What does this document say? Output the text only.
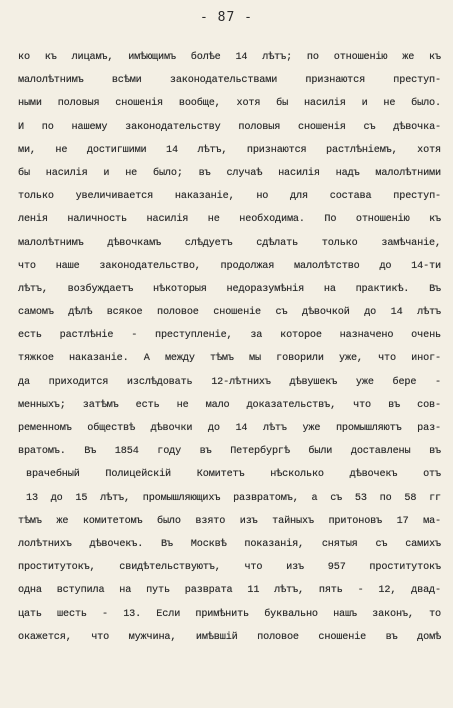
- 87 -
ко къ лицамъ, имѣющимъ болѣе 14 лѣтъ; по отношенію же къ
малолѣтнимъ всѣми законодательствами признаются преступ-
ными половыя сношенія вообще, хотя бы насилія и не было.
И по нашему законодательству половыя сношенія съ дѣвочка-
ми, не достигшими 14 лѣтъ, признаются растлѣніемъ, хотя
бы насилія и не было; въ случаѣ насилія надъ малолѣтними
только увеличивается наказаніе, но для состава преступ-
ленія наличность насилія не необходима. По отношенію къ
малолѣтнимъ дѣвочкамъ слѣдуетъ сдѣлать только замѣчаніе,
что наше законодательство, продолжая малолѣтство до 14-ти
лѣтъ, возбуждаетъ нѣкоторыя недоразумѣнія на практикѣ. Въ
самомъ дѣлѣ всякое половое сношеніе съ дѣвочкой до 14 лѣтъ
есть растлѣніе - преступленіе, за которое назначено очень
тяжкое наказаніе. А между тѣмъ мы говорили уже, что иног-
да приходится изслѣдовать 12-лѣтнихъ дѣвушекъ уже бере -
менныхъ; затѣмъ есть не мало доказательствъ, что въ сов-
ременномъ обществѣ дѣвочки до 14 лѣтъ уже промышляютъ раз-
вратомъ. Въ 1854 году въ Петербургѣ были доставлены въ
врачебный Полицейскій Комитетъ нѣсколько дѣвочекъ отъ
13 до 15 лѣтъ, промышляющихъ развратомъ, а съ 53 по 58 гг
тѣмъ же комитетомъ было взято изъ тайныхъ притоновъ 17 ма-
лолѣтнихъ дѣвочекъ. Въ Москвѣ показанія, снятыя съ самихъ
проститутокъ, свидѣтельствуютъ, что изъ 957 проститутокъ
одна вступила на путь разврата 11 лѣтъ, пять - 12, двад-
цать шесть - 13. Если примѣнить буквально нашъ законъ, то
окажется, что мужчина, имѣвшій половое сношеніе въ домѣ
